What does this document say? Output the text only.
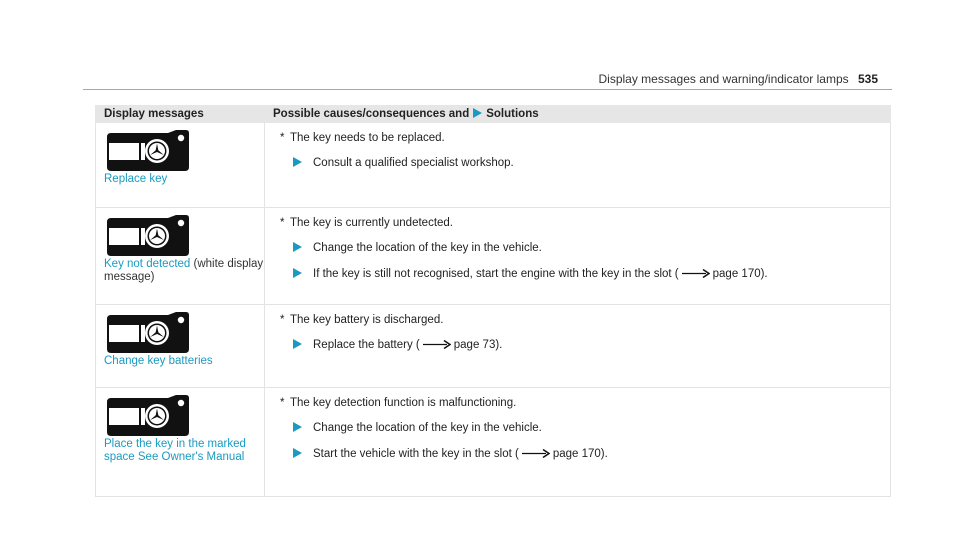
Display messages and warning/indicator lamps 535
Display messages	Possible causes/consequences and Solutions

Replace key	* The key needs to be replaced.
Consult a qualified specialist workshop.

Key not detected (white display message)	* The key is currently undetected.
Change the location of the key in the vehicle.
If the key is still not recognised, start the engine with the key in the slot ( page 170).

Change key batteries	* The key battery is discharged.
Replace the battery ( page 73).

Place the key in the marked space See Owner's Manual	* The key detection function is malfunctioning.
Change the location of the key in the vehicle.
Start the vehicle with the key in the slot ( page 170).
